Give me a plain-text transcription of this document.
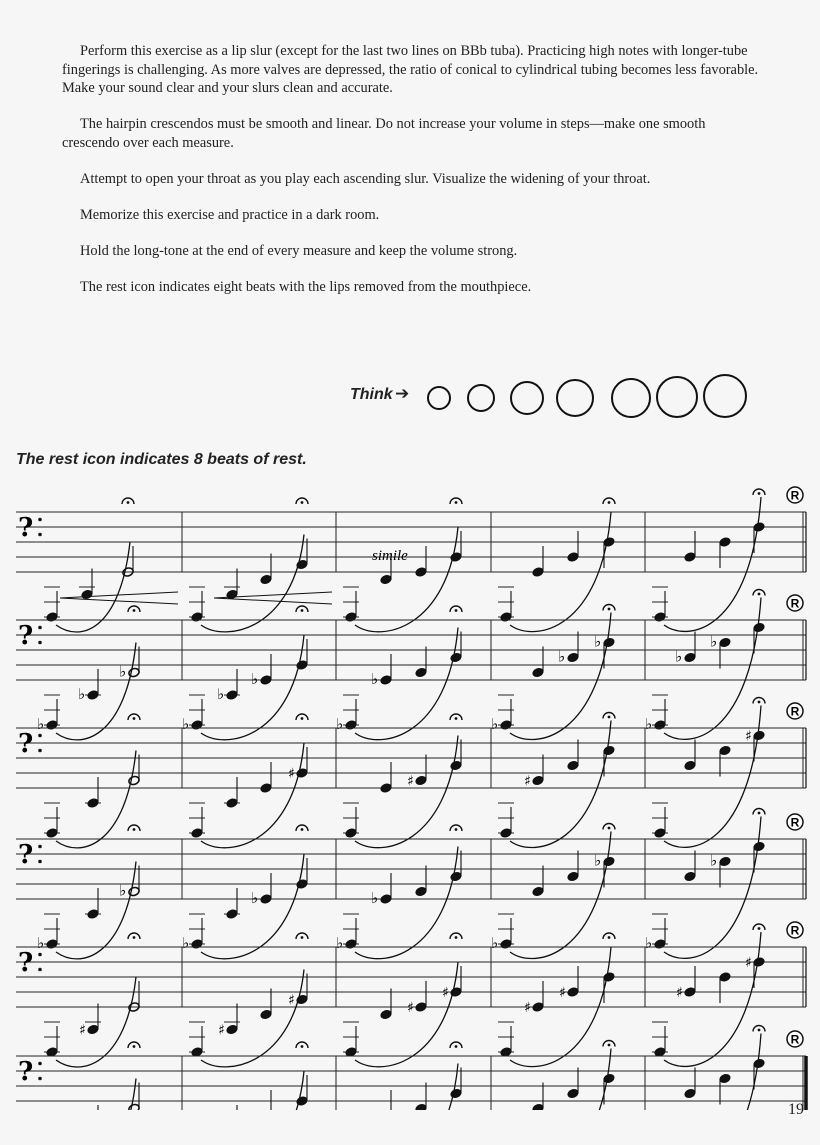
Perform this exercise as a lip slur (except for the last two lines on BBb tuba). Practicing high notes with longer-tube fingerings is challenging. As more valves are depressed, the ratio of conical to cylindrical tubing becomes less favorable. Make your sound clear and your slurs clean and accurate.

The hairpin crescendos must be smooth and linear. Do not increase your volume in steps—make one smooth crescendo over each measure.

Attempt to open your throat as you play each ascending slur. Visualize the widening of your throat.

Memorize this exercise and practice in a dark room.

Hold the long-tone at the end of every measure and keep the volume strong.

The rest icon indicates eight beats with the lips removed from the mouthpiece.

Think ➔
The rest icon indicates 8 beats of rest.
?
R
?
♭
♭
♭
♭
♭
♭
♭
♭
♭
♭
♭
♭
♭
♭
R
?
♯	♯	♯
♯
R
?
♭
♭
♭
♭
♭
♭
♭
♭
♭
♭
R
?
♯	♯
♯	♯
♯
♯
♯	♯
♯
R
?
R
simile
19
